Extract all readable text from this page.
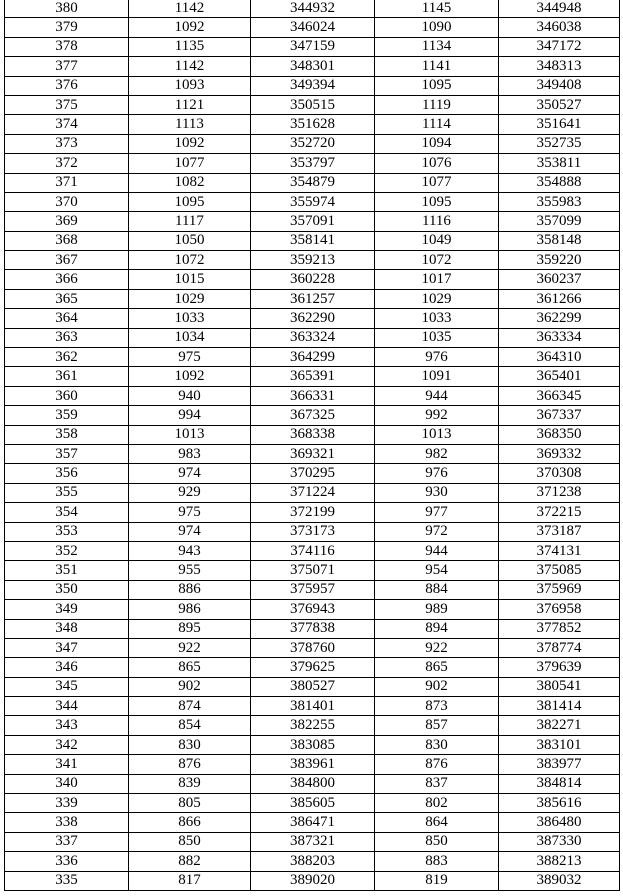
380	1142	344932	1145	344948
379	1092	346024	1090	346038
378	1135	347159	1134	347172
377	1142	348301	1141	348313
376	1093	349394	1095	349408
375	1121	350515	1119	350527
374	1113	351628	1114	351641
373	1092	352720	1094	352735
372	1077	353797	1076	353811
371	1082	354879	1077	354888
370	1095	355974	1095	355983
369	1117	357091	1116	357099
368	1050	358141	1049	358148
367	1072	359213	1072	359220
366	1015	360228	1017	360237
365	1029	361257	1029	361266
364	1033	362290	1033	362299
363	1034	363324	1035	363334
362	975	364299	976	364310
361	1092	365391	1091	365401
360	940	366331	944	366345
359	994	367325	992	367337
358	1013	368338	1013	368350
357	983	369321	982	369332
356	974	370295	976	370308
355	929	371224	930	371238
354	975	372199	977	372215
353	974	373173	972	373187
352	943	374116	944	374131
351	955	375071	954	375085
350	886	375957	884	375969
349	986	376943	989	376958
348	895	377838	894	377852
347	922	378760	922	378774
346	865	379625	865	379639
345	902	380527	902	380541
344	874	381401	873	381414
343	854	382255	857	382271
342	830	383085	830	383101
341	876	383961	876	383977
340	839	384800	837	384814
339	805	385605	802	385616
338	866	386471	864	386480
337	850	387321	850	387330
336	882	388203	883	388213
335	817	389020	819	389032
